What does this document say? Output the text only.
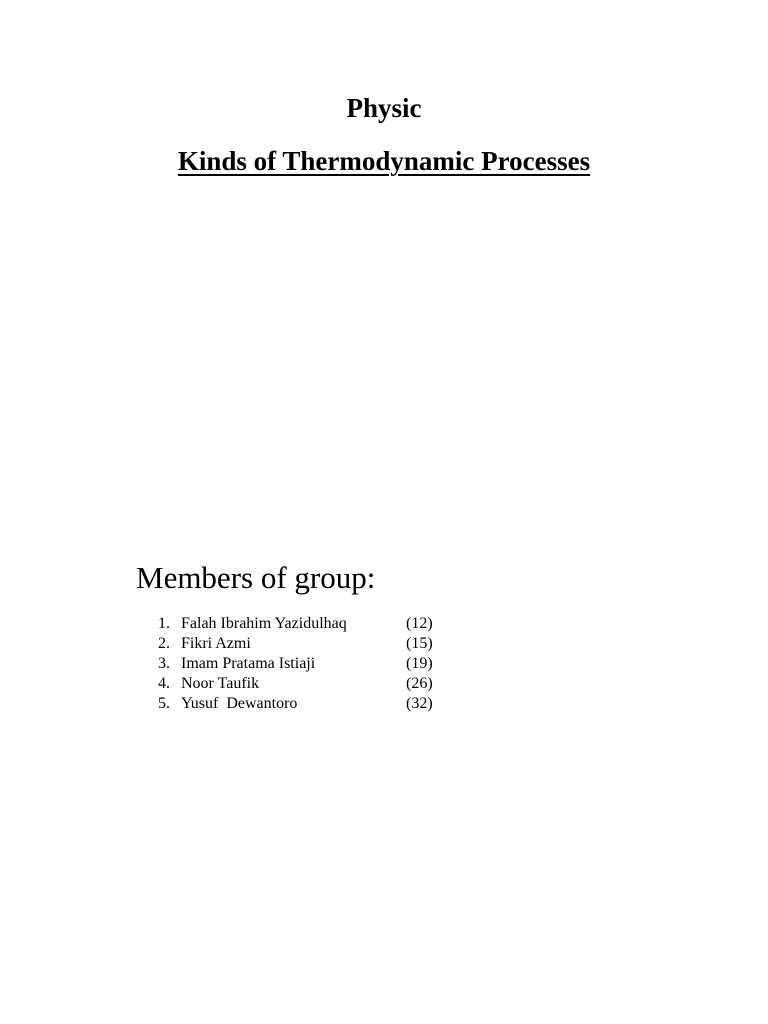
Physic
Kinds of Thermodynamic Processes
Members of group:
1. Falah Ibrahim Yazidulhaq	(12)
2. Fikri Azmi	(15)
3. Imam Pratama Istiaji	(19)
4. Noor Taufik	(26)
5. Yusuf  Dewantoro	(32)
